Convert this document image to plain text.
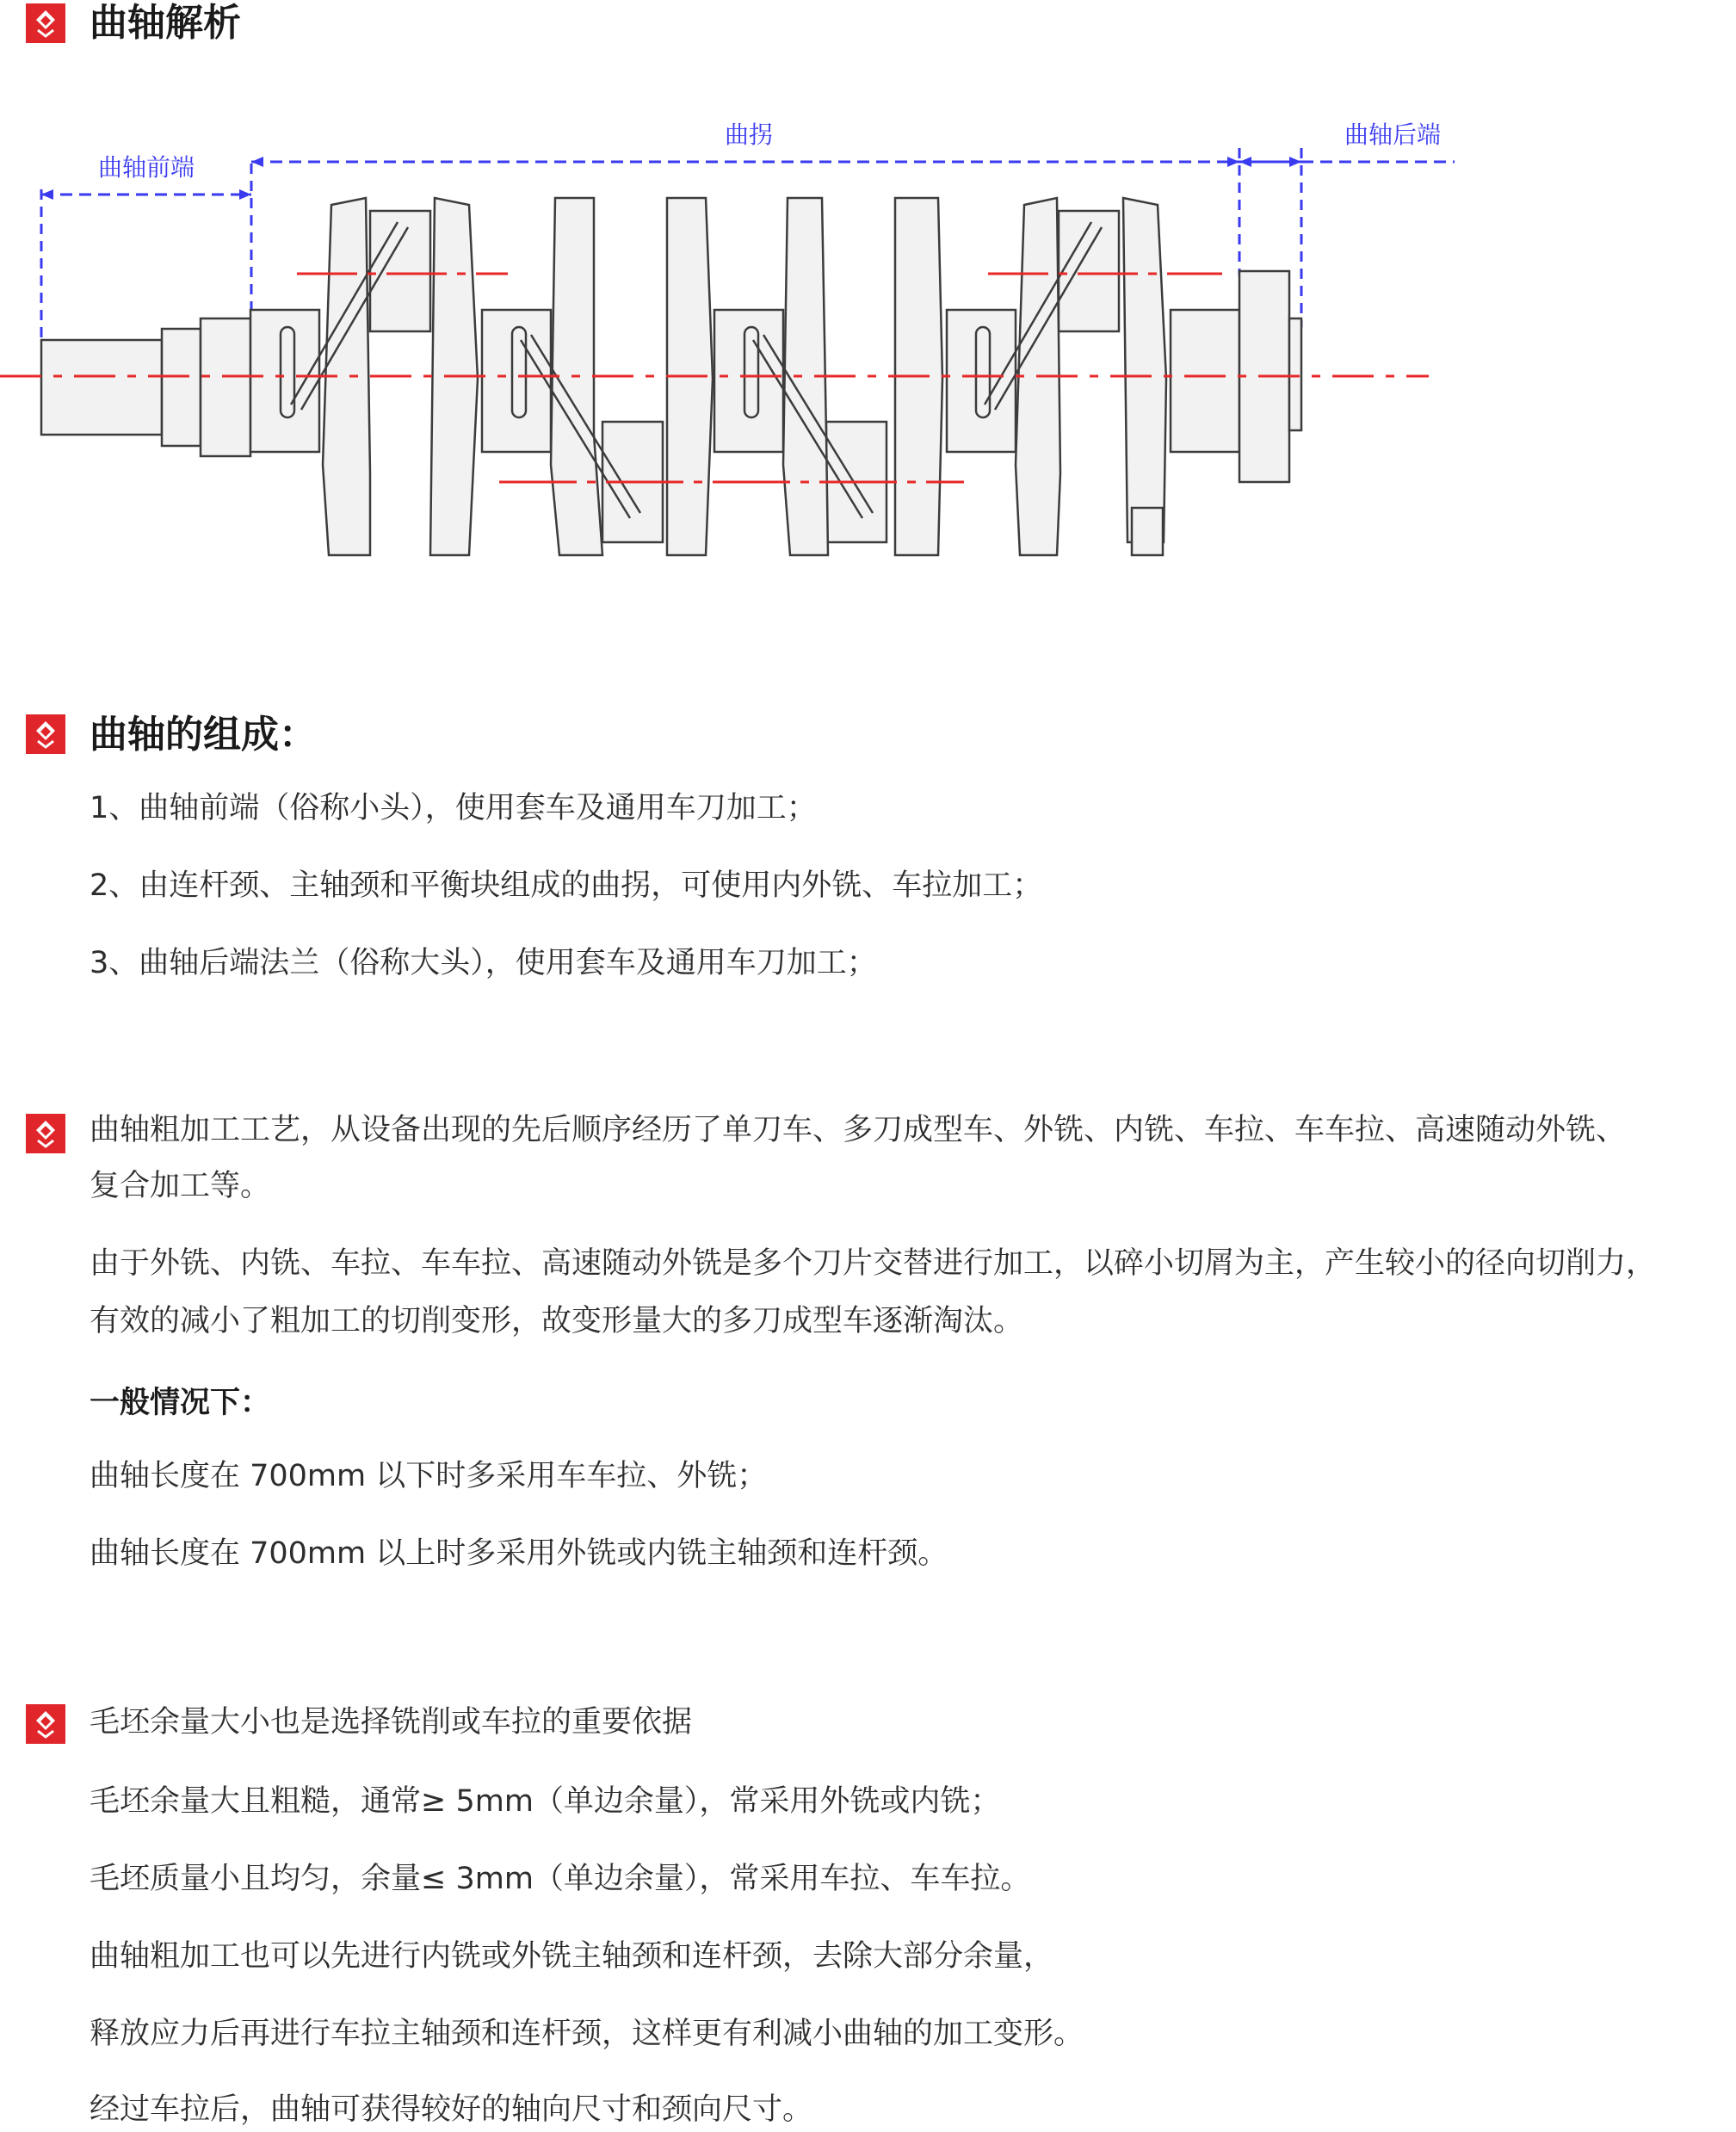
曲轴解析
曲轴前端
曲拐	曲轴后端
曲轴的组成：
1、曲轴前端（俗称小头），使用套车及通用车刀加工；
2、由连杆颈、主轴颈和平衡块组成的曲拐，可使用内外铣、车拉加工；
3、曲轴后端法兰（俗称大头），使用套车及通用车刀加工；
曲轴粗加工工艺，从设备出现的先后顺序经历了单刀车、多刀成型车、外铣、内铣、车拉、车车拉、高速随动外铣、
复合加工等。
由于外铣、内铣、车拉、车车拉、高速随动外铣是多个刀片交替进行加工，以碎小切屑为主，产生较小的径向切削力，
有效的减小了粗加工的切削变形，故变形量大的多刀成型车逐渐淘汰。
一般情况下：
曲轴长度在 700mm 以下时多采用车车拉、外铣；
曲轴长度在 700mm 以上时多采用外铣或内铣主轴颈和连杆颈。
毛坯余量大小也是选择铣削或车拉的重要依据
毛坯余量大且粗糙，通常≥ 5mm（单边余量），常采用外铣或内铣；
毛坯质量小且均匀，余量≤ 3mm（单边余量），常采用车拉、车车拉。
曲轴粗加工也可以先进行内铣或外铣主轴颈和连杆颈，去除大部分余量，
释放应力后再进行车拉主轴颈和连杆颈，这样更有利减小曲轴的加工变形。
经过车拉后，曲轴可获得较好的轴向尺寸和颈向尺寸。
